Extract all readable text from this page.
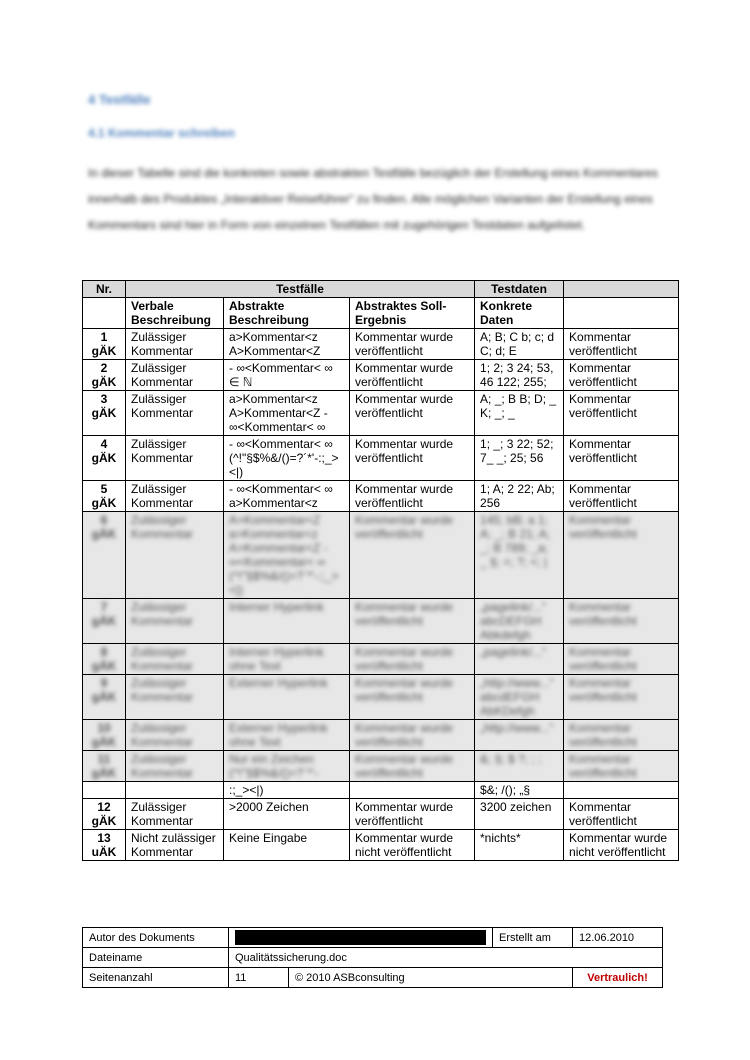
4 Testfälle
4.1 Kommentar schreiben
In dieser Tabelle sind die konkreten sowie abstrakten Testfälle bezüglich der Erstellung eines Kommentares innerhalb des Produktes „Interaktiver Reiseführer“ zu finden. Alle möglichen Varianten der Erstellung eines Kommentars sind hier in Form von einzelnen Testfällen mit zugehörigen Testdaten aufgelistet.
Nr.	Testfälle			Testdaten	
	Verbale Beschreibung	Abstrakte Beschreibung	Abstraktes Soll-Ergebnis	Konkrete Daten	

1 gÄK	Zulässiger Kommentar	a>Kommentar<z A>Kommentar<Z	Kommentar wurde veröffentlicht	A; B; C b; c; d C; d; E	Kommentar veröffentlicht

2 gÄK	Zulässiger Kommentar	- ∞<Kommentar< ∞ ∈ ℕ	Kommentar wurde veröffentlicht	1; 2; 3 24; 53, 46 122; 255;	Kommentar veröffentlicht

3 gÄK	Zulässiger Kommentar	a>Kommentar<z A>Kommentar<Z - ∞<Kommentar< ∞	Kommentar wurde veröffentlicht	A; _; B B; D; _ K; _; _	Kommentar veröffentlicht

4 gÄK	Zulässiger Kommentar	- ∞<Kommentar< ∞ (^!"§$%&/()=?´*'-:;_><|)	Kommentar wurde veröffentlicht	1; _; 3 22; 52; 7_ _; 25; 56	Kommentar veröffentlicht

5 gÄK	Zulässiger Kommentar	- ∞<Kommentar< ∞ a>Kommentar<z	Kommentar wurde veröffentlicht	1; A; 2 22; Ab; 256	Kommentar veröffentlicht

6 gÄK	Zulässiger Kommentar	A>Kommentar<Z a>Kommentar<z A>Kommentar<Z - ∞<Kommentar< ∞ (^!"§$%&/()=?´*'-:;_><|)	Kommentar wurde veröffentlicht	145; bB; a 1; A; _; B 21; A; _; B 789; _a; _ §; =; ?; <; |	Kommentar veröffentlicht

7 gÄK	Zulässiger Kommentar	Interner Hyperlink	Kommentar wurde veröffentlicht	„pagelink/...“ abcDEFGH Abkdefgh	Kommentar veröffentlicht

8 gÄK	Zulässiger Kommentar	Interner Hyperlink ohne Text	Kommentar wurde veröffentlicht	„pagelink/...“	Kommentar veröffentlicht

9 gÄK	Zulässiger Kommentar	Externer Hyperlink	Kommentar wurde veröffentlicht	„http://www...“ abcdEFGH AbKDefgh	Kommentar veröffentlicht

10 gÄK	Zulässiger Kommentar	Externer Hyperlink ohne Text	Kommentar wurde veröffentlicht	„http://www...“	Kommentar veröffentlicht

11 gÄK	Zulässiger Kommentar	Nur ein Zeichen (^!"§$%&/()=?´*'-	Kommentar wurde veröffentlicht	&; §; $ ?; ; ;	Kommentar veröffentlicht

		:;_><|)		$&; /(); „§	

12 gÄK	Zulässiger Kommentar	>2000 Zeichen	Kommentar wurde veröffentlicht	3200 zeichen	Kommentar veröffentlicht

13 uÄK	Nicht zulässiger Kommentar	Keine Eingabe	Kommentar wurde nicht veröffentlicht	*nichts*	Kommentar wurde nicht veröffentlicht
Autor des Dokuments			Erstellt am	12.06.2010
Dateiname	Qualitätssicherung.doc			
Seitenanzahl	11	© 2010 ASBconsulting		Vertraulich!
